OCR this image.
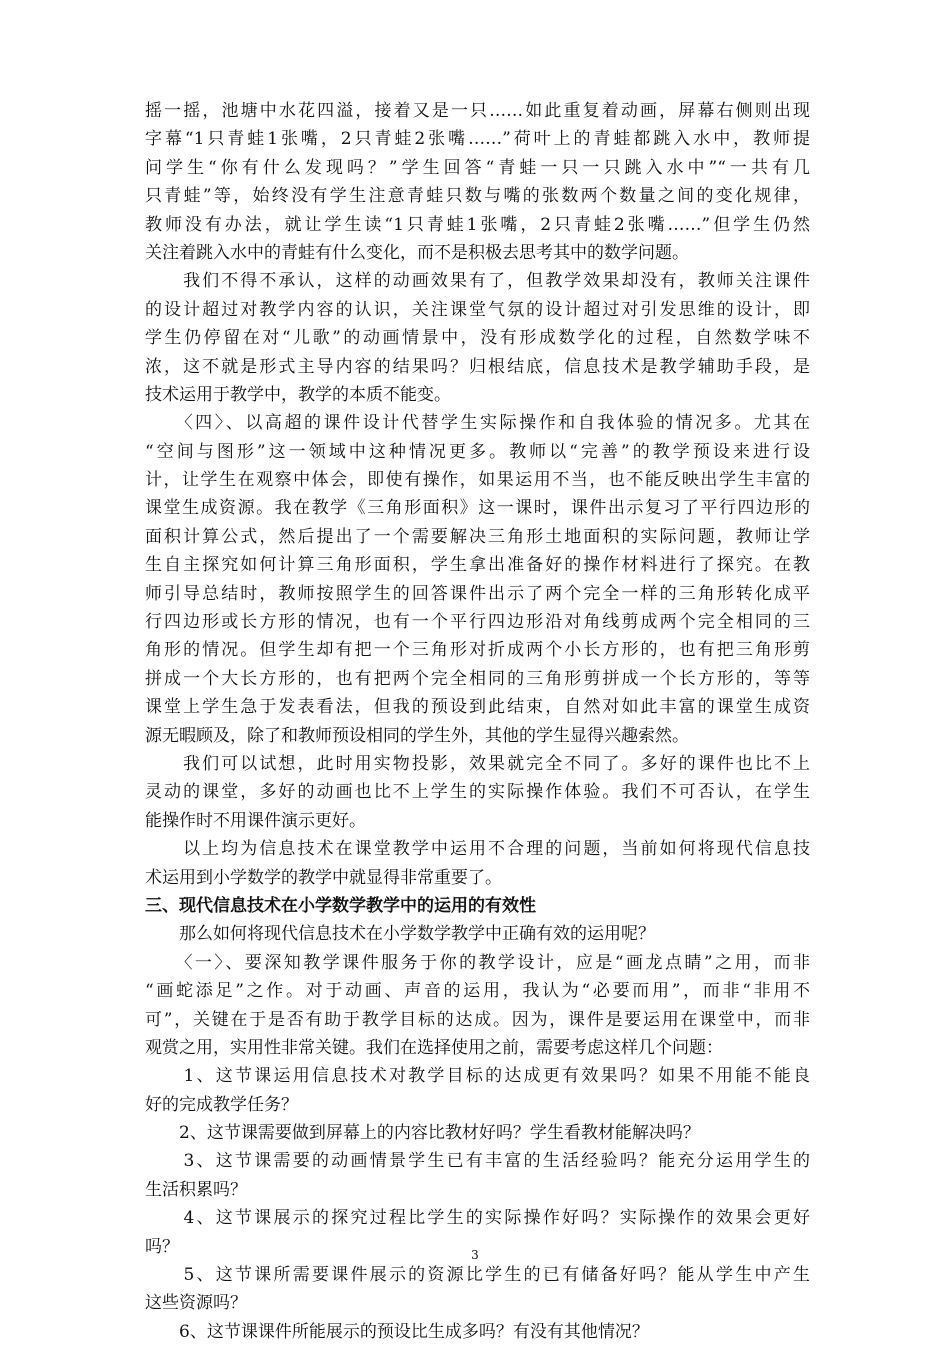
摇一摇，池塘中水花四溢，接着又是一只……如此重复着动画，屏幕右侧则出现
字幕“1只青蛙1张嘴，2只青蛙2张嘴……”荷叶上的青蛙都跳入水中，教师提
问学生“你有什么发现吗？”学生回答“青蛙一只一只跳入水中”“一共有几
只青蛙”等，始终没有学生注意青蛙只数与嘴的张数两个数量之间的变化规律，
教师没有办法，就让学生读“1只青蛙1张嘴，2只青蛙2张嘴……”但学生仍然
关注着跳入水中的青蛙有什么变化，而不是积极去思考其中的数学问题。
　　我们不得不承认，这样的动画效果有了，但教学效果却没有，教师关注课件
的设计超过对教学内容的认识，关注课堂气氛的设计超过对引发思维的设计，即
学生仍停留在对“儿歌”的动画情景中，没有形成数学化的过程，自然数学味不
浓，这不就是形式主导内容的结果吗？归根结底，信息技术是教学辅助手段，是
技术运用于教学中，教学的本质不能变。
　　〈四〉、以高超的课件设计代替学生实际操作和自我体验的情况多。尤其在
“空间与图形”这一领域中这种情况更多。教师以“完善”的教学预设来进行设
计，让学生在观察中体会，即使有操作，如果运用不当，也不能反映出学生丰富的
课堂生成资源。我在教学《三角形面积》这一课时，课件出示复习了平行四边形的
面积计算公式，然后提出了一个需要解决三角形土地面积的实际问题，教师让学
生自主探究如何计算三角形面积，学生拿出准备好的操作材料进行了探究。在教
师引导总结时，教师按照学生的回答课件出示了两个完全一样的三角形转化成平
行四边形或长方形的情况，也有一个平行四边形沿对角线剪成两个完全相同的三
角形的情况。但学生却有把一个三角形对折成两个小长方形的，也有把三角形剪
拼成一个大长方形的，也有把两个完全相同的三角形剪拼成一个长方形的，等等
课堂上学生急于发表看法，但我的预设到此结束，自然对如此丰富的课堂生成资
源无暇顾及，除了和教师预设相同的学生外，其他的学生显得兴趣索然。
　　我们可以试想，此时用实物投影，效果就完全不同了。多好的课件也比不上
灵动的课堂，多好的动画也比不上学生的实际操作体验。我们不可否认，在学生
能操作时不用课件演示更好。
　　以上均为信息技术在课堂教学中运用不合理的问题，当前如何将现代信息技
术运用到小学数学的教学中就显得非常重要了。
三、现代信息技术在小学数学教学中的运用的有效性
　　那么如何将现代信息技术在小学数学教学中正确有效的运用呢？
　　〈一〉、要深知教学课件服务于你的教学设计，应是“画龙点睛”之用，而非
“画蛇添足”之作。对于动画、声音的运用，我认为“必要而用”，而非“非用不
可”，关键在于是否有助于教学目标的达成。因为，课件是要运用在课堂中，而非
观赏之用，实用性非常关键。我们在选择使用之前，需要考虑这样几个问题：
　　1、这节课运用信息技术对教学目标的达成更有效果吗？如果不用能不能良
好的完成教学任务？
　　2、这节课需要做到屏幕上的内容比教材好吗？学生看教材能解决吗？
　　3、这节课需要的动画情景学生已有丰富的生活经验吗？能充分运用学生的
生活积累吗？
　　4、这节课展示的探究过程比学生的实际操作好吗？实际操作的效果会更好
吗？
　　5、这节课所需要课件展示的资源比学生的已有储备好吗？能从学生中产生
这些资源吗？
　　6、这节课课件所能展示的预设比生成多吗？有没有其他情况？
3
